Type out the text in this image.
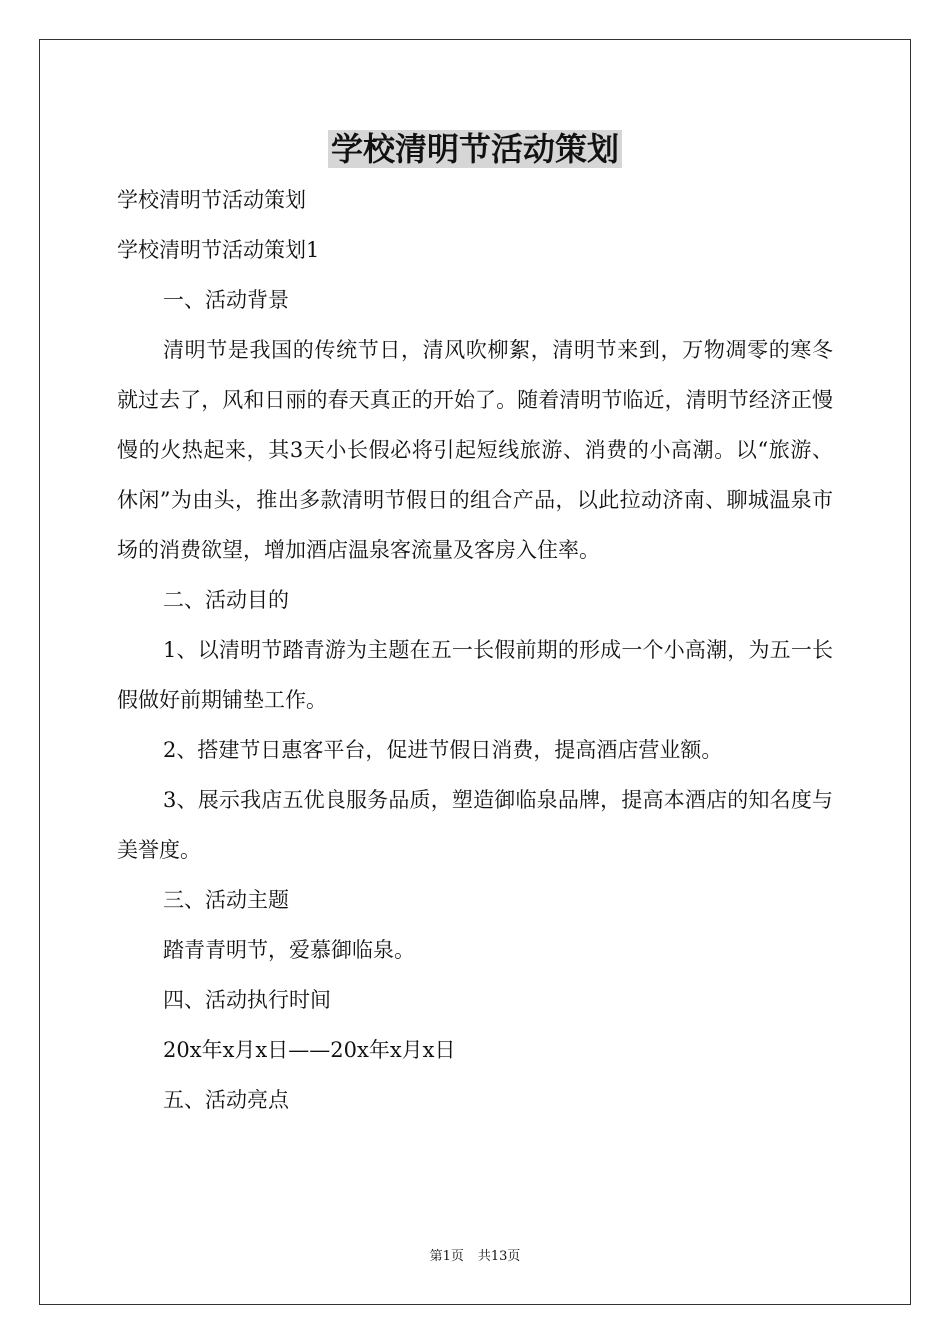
学校清明节活动策划

学校清明节活动策划

学校清明节活动策划1

一、活动背景

清明节是我国的传统节日，清风吹柳絮，清明节来到，万物凋零的寒冬就过去了，风和日丽的春天真正的开始了。随着清明节临近，清明节经济正慢慢的火热起来，其3天小长假必将引起短线旅游、消费的小高潮。以“旅游、休闲”为由头，推出多款清明节假日的组合产品，以此拉动济南、聊城温泉市场的消费欲望，增加酒店温泉客流量及客房入住率。

二、活动目的

1、以清明节踏青游为主题在五一长假前期的形成一个小高潮，为五一长假做好前期铺垫工作。

2、搭建节日惠客平台，促进节假日消费，提高酒店营业额。

3、展示我店五优良服务品质，塑造御临泉品牌，提高本酒店的知名度与美誉度。

三、活动主题

踏青青明节，爱慕御临泉。

四、活动执行时间

20x年x月x日——20x年x月x日

五、活动亮点

第1页 共13页
